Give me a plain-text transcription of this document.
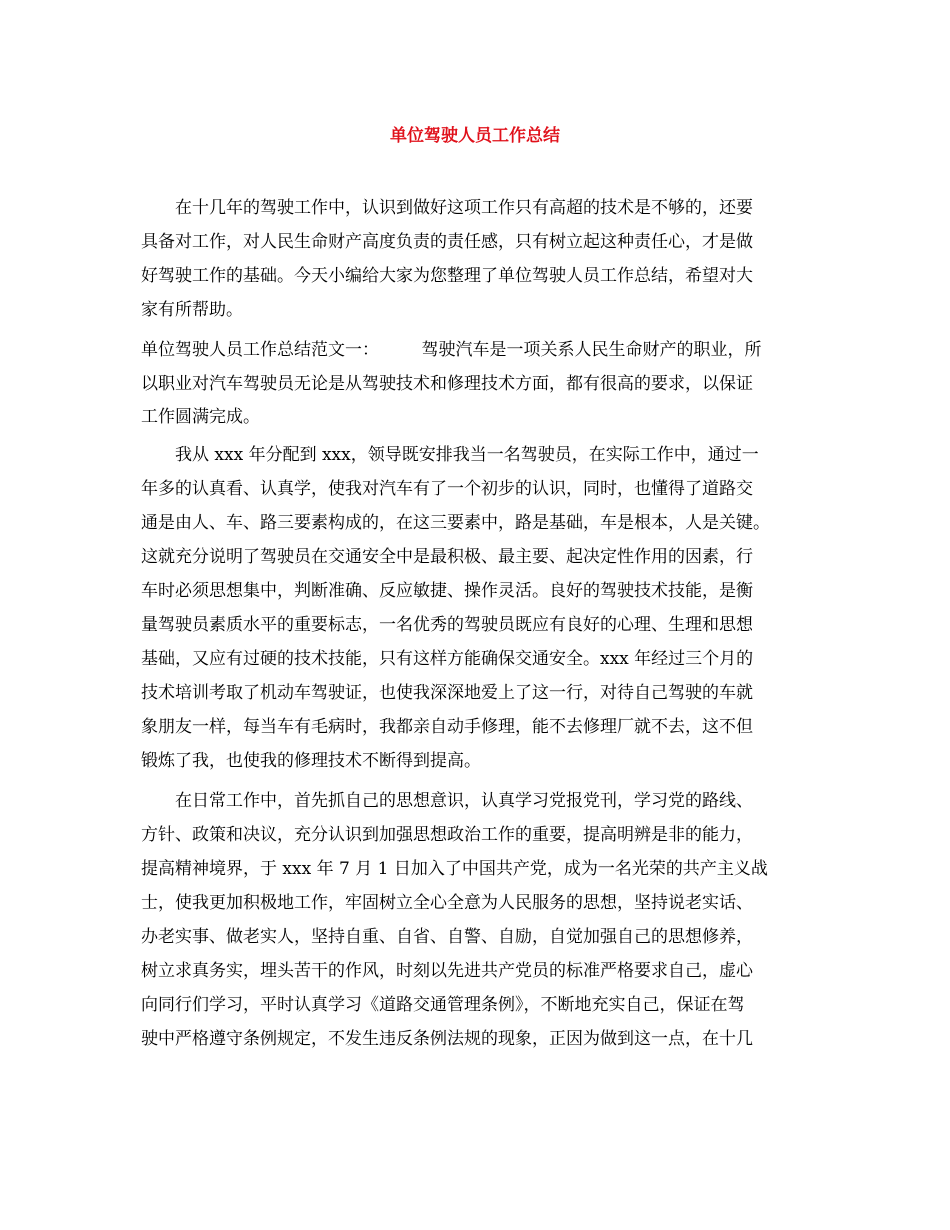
单位驾驶人员工作总结
　　在十几年的驾驶工作中，认识到做好这项工作只有高超的技术是不够的，还要
具备对工作，对人民生命财产高度负责的责任感，只有树立起这种责任心，才是做
好驾驶工作的基础。今天小编给大家为您整理了单位驾驶人员工作总结，希望对大
家有所帮助。
单位驾驶人员工作总结范文一：　　　驾驶汽车是一项关系人民生命财产的职业，所
以职业对汽车驾驶员无论是从驾驶技术和修理技术方面，都有很高的要求，以保证
工作圆满完成。
　　我从 xxx 年分配到 xxx，领导既安排我当一名驾驶员，在实际工作中，通过一
年多的认真看、认真学，使我对汽车有了一个初步的认识，同时，也懂得了道路交
通是由人、车、路三要素构成的，在这三要素中，路是基础，车是根本，人是关键。
这就充分说明了驾驶员在交通安全中是最积极、最主要、起决定性作用的因素，行
车时必须思想集中，判断准确、反应敏捷、操作灵活。良好的驾驶技术技能，是衡
量驾驶员素质水平的重要标志，一名优秀的驾驶员既应有良好的心理、生理和思想
基础，又应有过硬的技术技能，只有这样方能确保交通安全。xxx 年经过三个月的
技术培训考取了机动车驾驶证，也使我深深地爱上了这一行，对待自己驾驶的车就
象朋友一样，每当车有毛病时，我都亲自动手修理，能不去修理厂就不去，这不但
锻炼了我，也使我的修理技术不断得到提高。
　　在日常工作中，首先抓自己的思想意识，认真学习党报党刊，学习党的路线、
方针、政策和决议，充分认识到加强思想政治工作的重要，提高明辨是非的能力，
提高精神境界，于 xxx 年 7 月 1 日加入了中国共产党，成为一名光荣的共产主义战
士，使我更加积极地工作，牢固树立全心全意为人民服务的思想，坚持说老实话、
办老实事、做老实人，坚持自重、自省、自警、自励，自觉加强自己的思想修养，
树立求真务实，埋头苦干的作风，时刻以先进共产党员的标准严格要求自己，虚心
向同行们学习，平时认真学习《道路交通管理条例》，不断地充实自己，保证在驾
驶中严格遵守条例规定，不发生违反条例法规的现象，正因为做到这一点，在十几
